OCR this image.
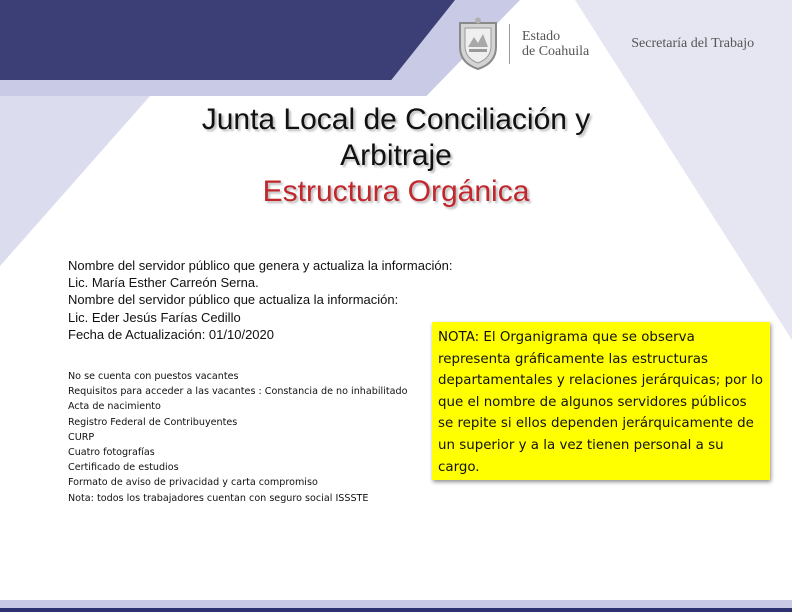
Estado
de Coahuila
Secretaría del Trabajo
Junta Local de Conciliación y
Arbitraje
Estructura Orgánica
Nombre del servidor público que genera y actualiza la información:
Lic. María Esther Carreón Serna.
Nombre del servidor público que actualiza la información:
Lic. Eder Jesús Farías Cedillo
Fecha de Actualización: 01/10/2020
No se cuenta con puestos vacantes
Requisitos para acceder a las vacantes : Constancia de no inhabilitado
Acta de nacimiento
Registro Federal de Contribuyentes
CURP
Cuatro fotografías
Certificado de estudios
Formato de aviso de privacidad y carta compromiso
Nota: todos los trabajadores cuentan con seguro social ISSSTE
NOTA: El Organigrama que se observa representa gráficamente las estructuras departamentales y relaciones jerárquicas; por lo que el nombre de algunos servidores públicos se repite si ellos dependen jerárquicamente de un superior y a la vez tienen personal a su cargo.
